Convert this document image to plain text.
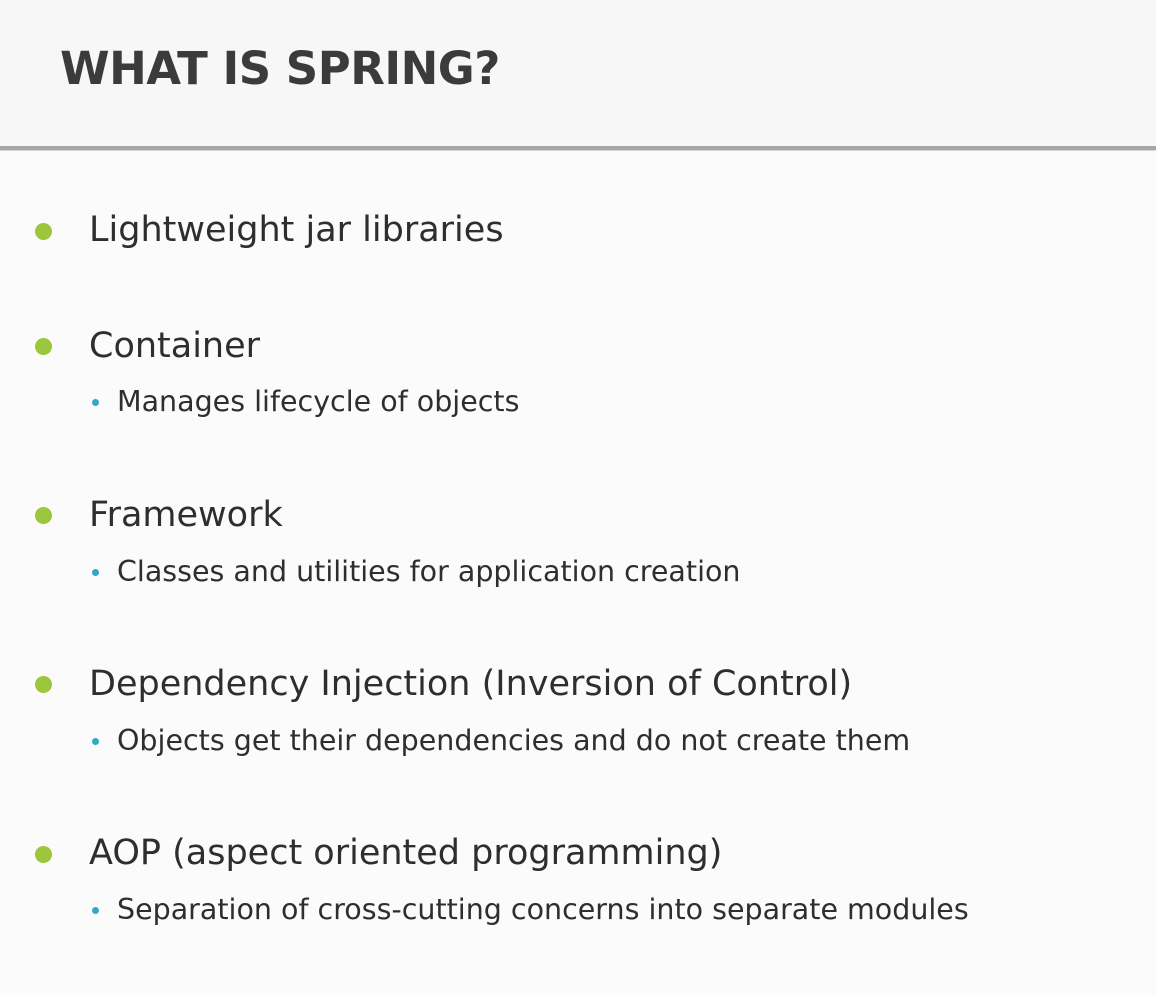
WHAT IS SPRING?
Lightweight jar libraries
Container
Manages lifecycle of objects
Framework
Classes and utilities for application creation
Dependency Injection (Inversion of Control)
Objects get their dependencies and do not create them
AOP (aspect oriented programming)
Separation of cross-cutting concerns into separate modules
